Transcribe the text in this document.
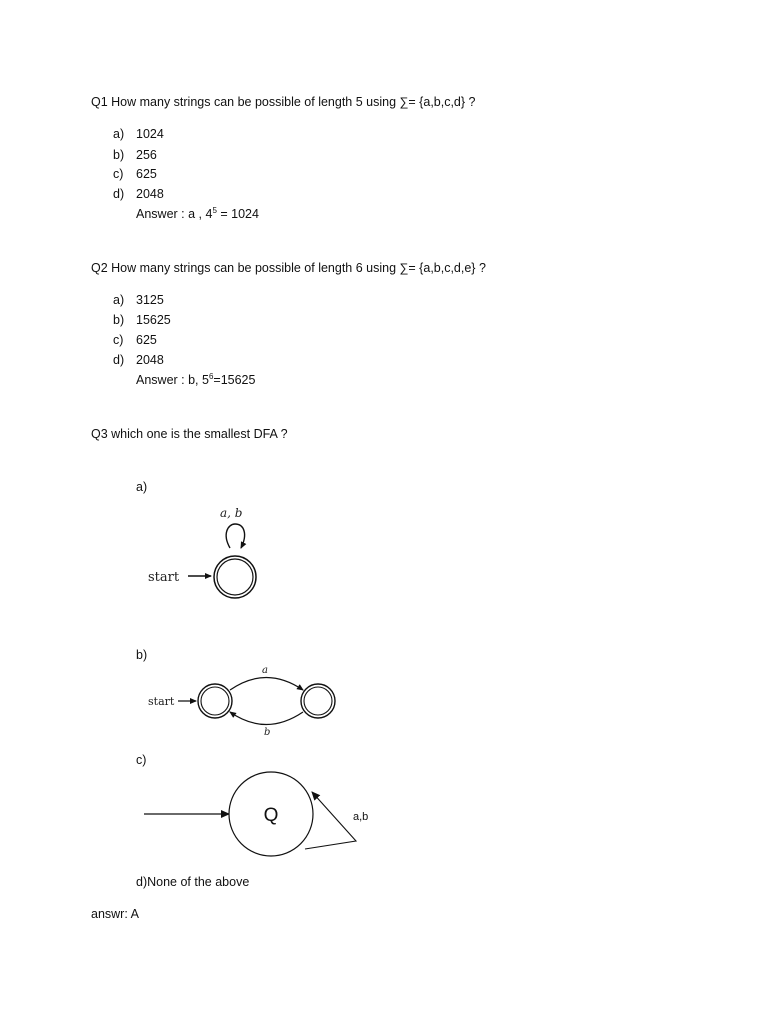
Q1 How many strings can be possible of length 5 using ∑= {a,b,c,d} ?
a) 1024
b) 256
c) 625
d) 2048
Answer : a , $4^5 = 1024$
Q2 How many strings can be possible of length 6 using ∑= {a,b,c,d,e} ?
a) 3125
b) 15625
c) 625
d) 2048
Answer : b, $5^6=15625$
Q3 which one is the smallest DFA ?
a)
a, b
start
b)
start
a
b
c)
Q	a,b
d)None of the above
answr: A
